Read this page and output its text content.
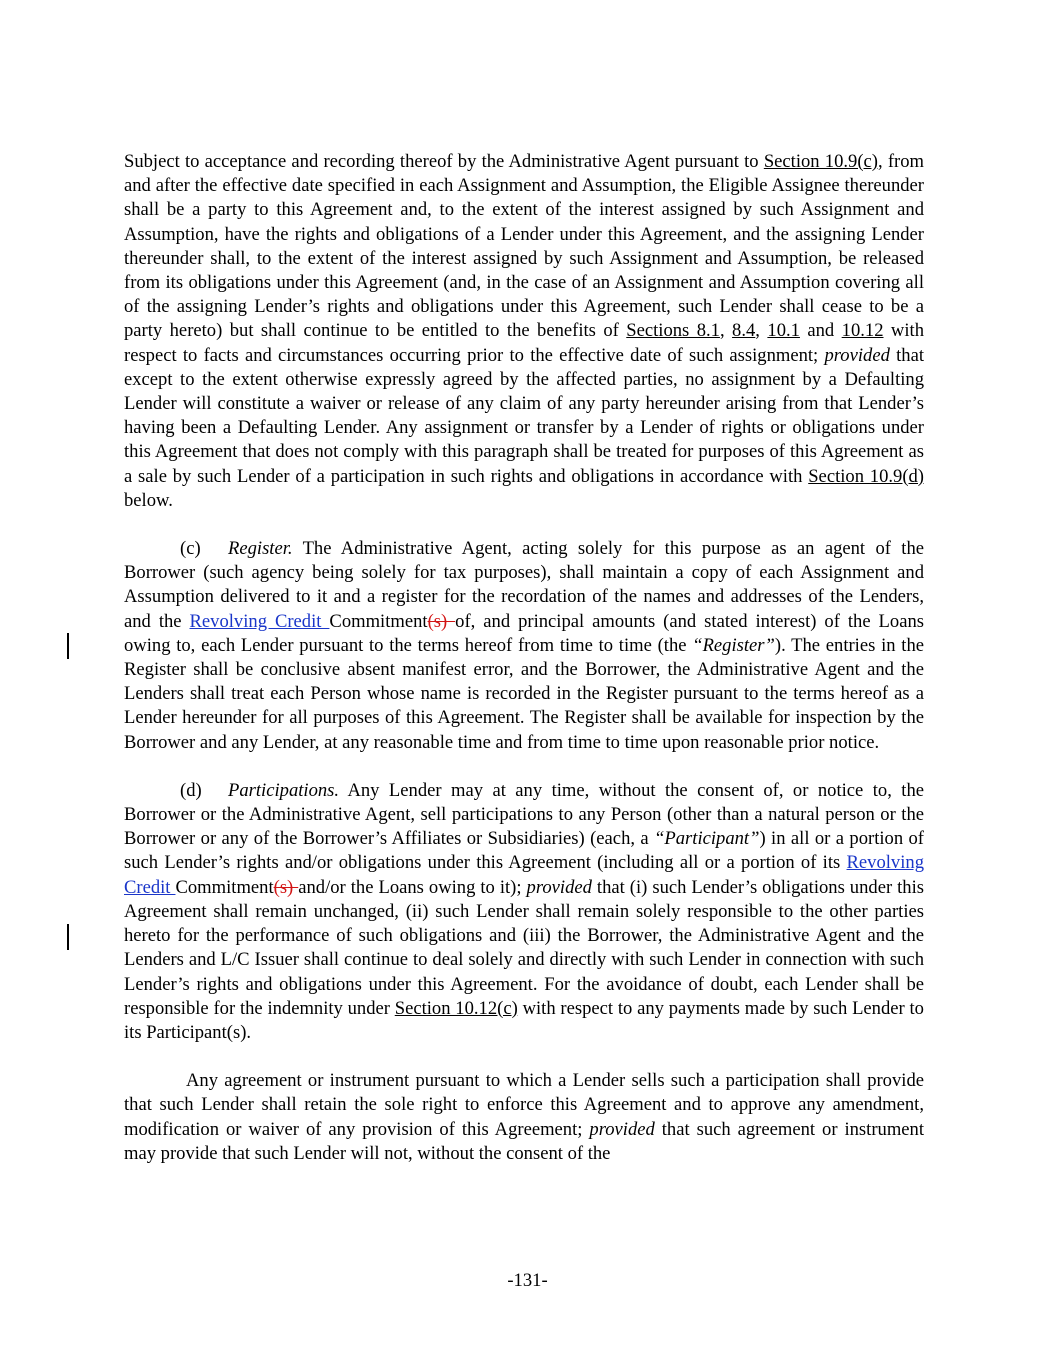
Subject to acceptance and recording thereof by the Administrative Agent pursuant to Section 10.9(c), from and after the effective date specified in each Assignment and Assumption, the Eligible Assignee thereunder shall be a party to this Agreement and, to the extent of the interest assigned by such Assignment and Assumption, have the rights and obligations of a Lender under this Agreement, and the assigning Lender thereunder shall, to the extent of the interest assigned by such Assignment and Assumption, be released from its obligations under this Agreement (and, in the case of an Assignment and Assumption covering all of the assigning Lender’s rights and obligations under this Agreement, such Lender shall cease to be a party hereto) but shall continue to be entitled to the benefits of Sections 8.1, 8.4, 10.1 and 10.12 with respect to facts and circumstances occurring prior to the effective date of such assignment; provided that except to the extent otherwise expressly agreed by the affected parties, no assignment by a Defaulting Lender will constitute a waiver or release of any claim of any party hereunder arising from that Lender’s having been a Defaulting Lender. Any assignment or transfer by a Lender of rights or obligations under this Agreement that does not comply with this paragraph shall be treated for purposes of this Agreement as a sale by such Lender of a participation in such rights and obligations in accordance with Section 10.9(d) below.

(c) Register. The Administrative Agent, acting solely for this purpose as an agent of the Borrower (such agency being solely for tax purposes), shall maintain a copy of each Assignment and Assumption delivered to it and a register for the recordation of the names and addresses of the Lenders, and the Revolving Credit Commitment(s) of, and principal amounts (and stated interest) of the Loans owing to, each Lender pursuant to the terms hereof from time to time (the “Register”). The entries in the Register shall be conclusive absent manifest error, and the Borrower, the Administrative Agent and the Lenders shall treat each Person whose name is recorded in the Register pursuant to the terms hereof as a Lender hereunder for all purposes of this Agreement. The Register shall be available for inspection by the Borrower and any Lender, at any reasonable time and from time to time upon reasonable prior notice.

(d) Participations. Any Lender may at any time, without the consent of, or notice to, the Borrower or the Administrative Agent, sell participations to any Person (other than a natural person or the Borrower or any of the Borrower’s Affiliates or Subsidiaries) (each, a “Participant”) in all or a portion of such Lender’s rights and/or obligations under this Agreement (including all or a portion of its Revolving Credit Commitment(s) and/or the Loans owing to it); provided that (i) such Lender’s obligations under this Agreement shall remain unchanged, (ii) such Lender shall remain solely responsible to the other parties hereto for the performance of such obligations and (iii) the Borrower, the Administrative Agent and the Lenders and L/C Issuer shall continue to deal solely and directly with such Lender in connection with such Lender’s rights and obligations under this Agreement. For the avoidance of doubt, each Lender shall be responsible for the indemnity under Section 10.12(c) with respect to any payments made by such Lender to its Participant(s).

Any agreement or instrument pursuant to which a Lender sells such a participation shall provide that such Lender shall retain the sole right to enforce this Agreement and to approve any amendment, modification or waiver of any provision of this Agreement; provided that such agreement or instrument may provide that such Lender will not, without the consent of the

-131-
